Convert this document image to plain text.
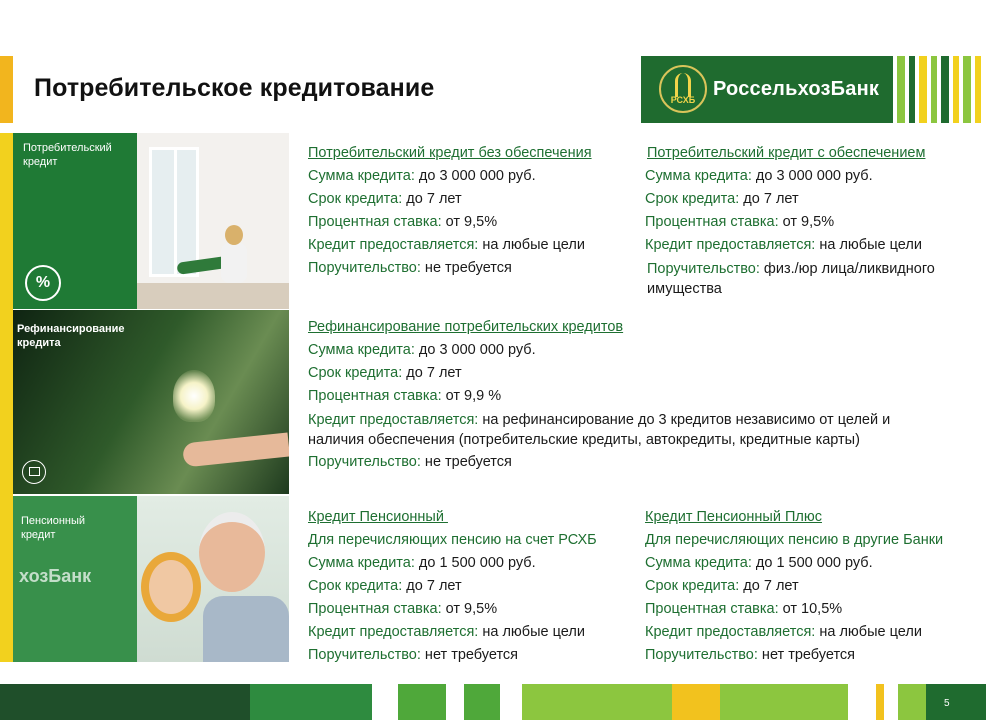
Потребительское кредитование	РСХБ РоссельхозБанк
Потребительский
кредит
%
Рефинансирование
кредита
хозБанк
Пенсионный
кредит
Потребительский кредит без обеспечения
Сумма кредита: до 3 000 000 руб.
Срок кредита: до 7 лет
Процентная ставка: от 9,5%
Кредит предоставляется: на любые цели
Поручительство: не требуется
Потребительский кредит с обеспечением
Сумма кредита: до 3 000 000 руб.
Срок кредита: до 7 лет
Процентная ставка: от 9,5%
Кредит предоставляется: на любые цели
Поручительство: физ./юр лица/ликвидного
имущества
Рефинансирование потребительских кредитов
Сумма кредита: до 3 000 000 руб.
Срок кредита: до 7 лет
Процентная ставка: от 9,9 %
Кредит предоставляется: на рефинансирование до 3 кредитов независимо от целей и
наличия обеспечения (потребительские кредиты, автокредиты, кредитные карты)
Поручительство: не требуется
Кредит Пенсионный
Для перечисляющих пенсию на счет РСХБ
Сумма кредита: до 1 500 000 руб.
Срок кредита: до 7 лет
Процентная ставка: от 9,5%
Кредит предоставляется: на любые цели
Поручительство: нет требуется
Кредит Пенсионный Плюс
Для перечисляющих пенсию в другие Банки
Сумма кредита: до 1 500 000 руб.
Срок кредита: до 7 лет
Процентная ставка: от 10,5%
Кредит предоставляется: на любые цели
Поручительство: нет требуется
5
